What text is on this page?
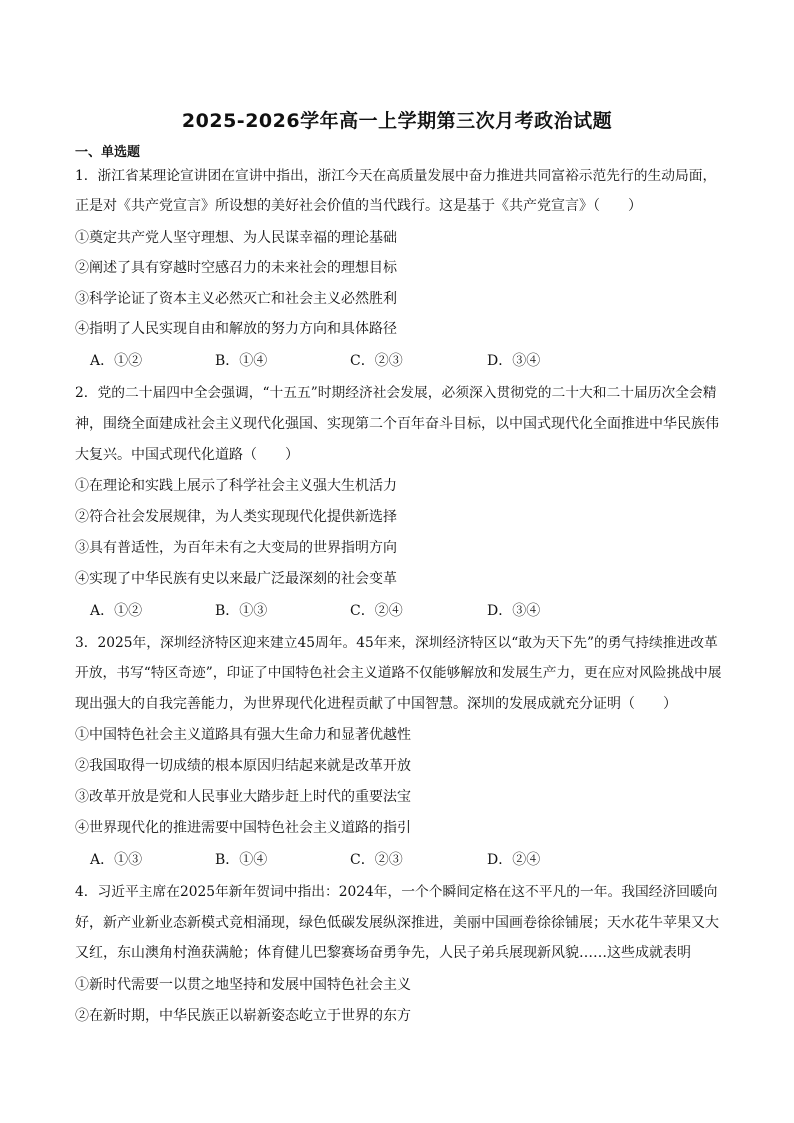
2025-2026学年高一上学期第三次月考政治试题
一、单选题
1．浙江省某理论宣讲团在宣讲中指出，浙江今天在高质量发展中奋力推进共同富裕示范先行的生动局面，
正是对《共产党宣言》所设想的美好社会价值的当代践行。这是基于《共产党宣言》（　　）
①奠定共产党人坚守理想、为人民谋幸福的理论基础
②阐述了具有穿越时空感召力的未来社会的理想目标
③科学论证了资本主义必然灭亡和社会主义必然胜利
④指明了人民实现自由和解放的努力方向和具体路径
A．①②	B．①④	C．②③	D．③④
2．党的二十届四中全会强调，“十五五”时期经济社会发展，必须深入贯彻党的二十大和二十届历次全会精
神，围绕全面建成社会主义现代化强国、实现第二个百年奋斗目标，以中国式现代化全面推进中华民族伟
大复兴。中国式现代化道路（　　）
①在理论和实践上展示了科学社会主义强大生机活力
②符合社会发展规律，为人类实现现代化提供新选择
③具有普适性，为百年未有之大变局的世界指明方向
④实现了中华民族有史以来最广泛最深刻的社会变革
A．①②	B．①③	C．②④	D．③④
3．2025年，深圳经济特区迎来建立45周年。45年来，深圳经济特区以“敢为天下先”的勇气持续推进改革
开放，书写“特区奇迹”，印证了中国特色社会主义道路不仅能够解放和发展生产力，更在应对风险挑战中展
现出强大的自我完善能力，为世界现代化进程贡献了中国智慧。深圳的发展成就充分证明（　　）
①中国特色社会主义道路具有强大生命力和显著优越性
②我国取得一切成绩的根本原因归结起来就是改革开放
③改革开放是党和人民事业大踏步赶上时代的重要法宝
④世界现代化的推进需要中国特色社会主义道路的指引
A．①③	B．①④	C．②③	D．②④
4．习近平主席在2025年新年贺词中指出：2024年，一个个瞬间定格在这不平凡的一年。我国经济回暖向
好，新产业新业态新模式竞相涌现，绿色低碳发展纵深推进，美丽中国画卷徐徐铺展；天水花牛苹果又大
又红，东山澳角村渔获满舱；体育健儿巴黎赛场奋勇争先，人民子弟兵展现新风貌……这些成就表明
①新时代需要一以贯之地坚持和发展中国特色社会主义
②在新时期，中华民族正以崭新姿态屹立于世界的东方
